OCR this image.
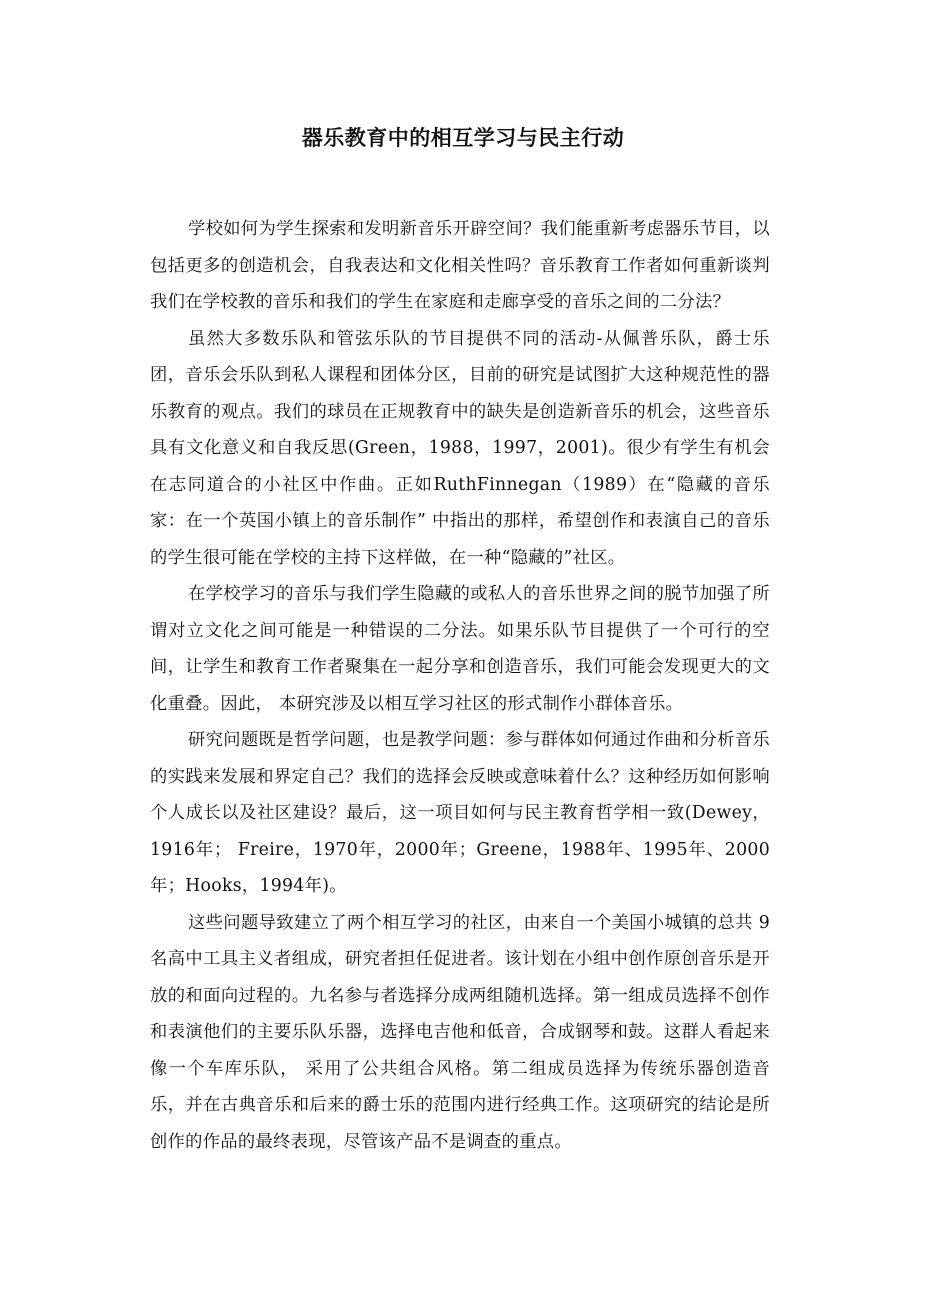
器乐教育中的相互学习与民主行动

学校如何为学生探索和发明新音乐开辟空间？我们能重新考虑器乐节目，以包括更多的创造机会，自我表达和文化相关性吗？音乐教育工作者如何重新谈判我们在学校教的音乐和我们的学生在家庭和走廊享受的音乐之间的二分法？

虽然大多数乐队和管弦乐队的节目提供不同的活动-从佩普乐队，爵士乐团，音乐会乐队到私人课程和团体分区，目前的研究是试图扩大这种规范性的器乐教育的观点。我们的球员在正规教育中的缺失是创造新音乐的机会，这些音乐具有文化意义和自我反思(Green，1988，1997，2001)。很少有学生有机会在志同道合的小社区中作曲。正如RuthFinnegan（1989）在“隐藏的音乐家：在一个英国小镇上的音乐制作” 中指出的那样，希望创作和表演自己的音乐的学生很可能在学校的主持下这样做，在一种“隐藏的”社区。

在学校学习的音乐与我们学生隐藏的或私人的音乐世界之间的脱节加强了所谓对立文化之间可能是一种错误的二分法。如果乐队节目提供了一个可行的空间，让学生和教育工作者聚集在一起分享和创造音乐，我们可能会发现更大的文化重叠。因此， 本研究涉及以相互学习社区的形式制作小群体音乐。

研究问题既是哲学问题，也是教学问题：参与群体如何通过作曲和分析音乐的实践来发展和界定自己？我们的选择会反映或意味着什么？这种经历如何影响个人成长以及社区建设？最后，这一项目如何与民主教育哲学相一致(Dewey，1916年； Freire，1970年，2000年；Greene，1988年、1995年、2000年；Hooks，1994年)。

这些问题导致建立了两个相互学习的社区，由来自一个美国小城镇的总共 9 名高中工具主义者组成，研究者担任促进者。该计划在小组中创作原创音乐是开放的和面向过程的。九名参与者选择分成两组随机选择。第一组成员选择不创作和表演他们的主要乐队乐器，选择电吉他和低音，合成钢琴和鼓。这群人看起来像一个车库乐队， 采用了公共组合风格。第二组成员选择为传统乐器创造音乐，并在古典音乐和后来的爵士乐的范围内进行经典工作。这项研究的结论是所创作的作品的最终表现，尽管该产品不是调查的重点。
